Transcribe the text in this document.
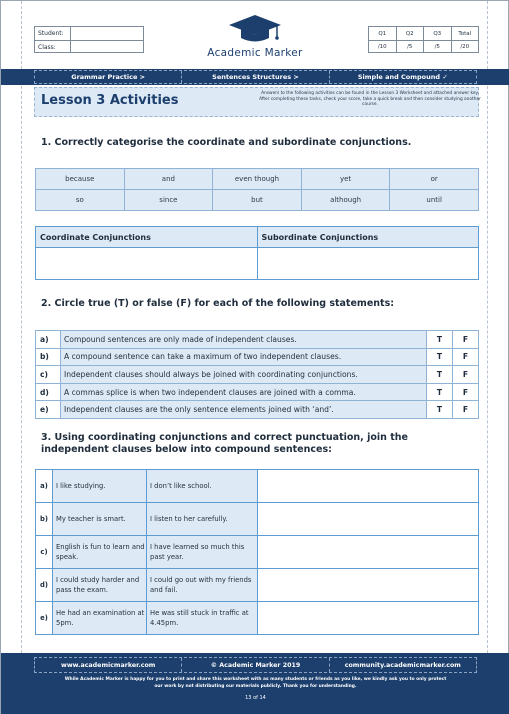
Student:
Class:	Academic Marker
Q1	Q2	Q3	Total
/10	/5	/5	/20
Grammar Practice >	Sentences Structures >	Simple and Compound ✓
Lesson 3 Activities	Answers to the following activities can be found in the Lesson 3 Worksheet and attached answer key. After completing these tasks, check your score, take a quick break and then consider studying another course.
1. Correctly categorise the coordinate and subordinate conjunctions.
because	and	even though	yet	or
so	since	but	although	until
Coordinate Conjunctions	Subordinate Conjunctions

2. Circle true (T) or false (F) for each of the following statements:
a)	Compound sentences are only made of independent clauses.	T	F
b)	A compound sentence can take a maximum of two independent clauses.	T	F
c)	Independent clauses should always be joined with coordinating conjunctions.	T	F
d)	A commas splice is when two independent clauses are joined with a comma.	T	F
e)	Independent clauses are the only sentence elements joined with ‘and’.	T	F
3. Using coordinating conjunctions and correct punctuation, join the independent clauses below into compound sentences:
a)	I like studying.	I don’t like school.	
b)	My teacher is smart.	I listen to her carefully.	
c)	English is fun to learn and speak.	I have learned so much this past year.	
d)	I could study harder and pass the exam.	I could go out with my friends and fail.	
e)	He had an examination at 5pm.	He was still stuck in traffic at 4.45pm.	
www.academicmarker.com	© Academic Marker 2019	community.academicmarker.com
While Academic Marker is happy for you to print and share this worksheet with as many students or friends as you like, we kindly ask you to only protect our work by not distributing our materials publicly. Thank you for understanding.
13 of 14
